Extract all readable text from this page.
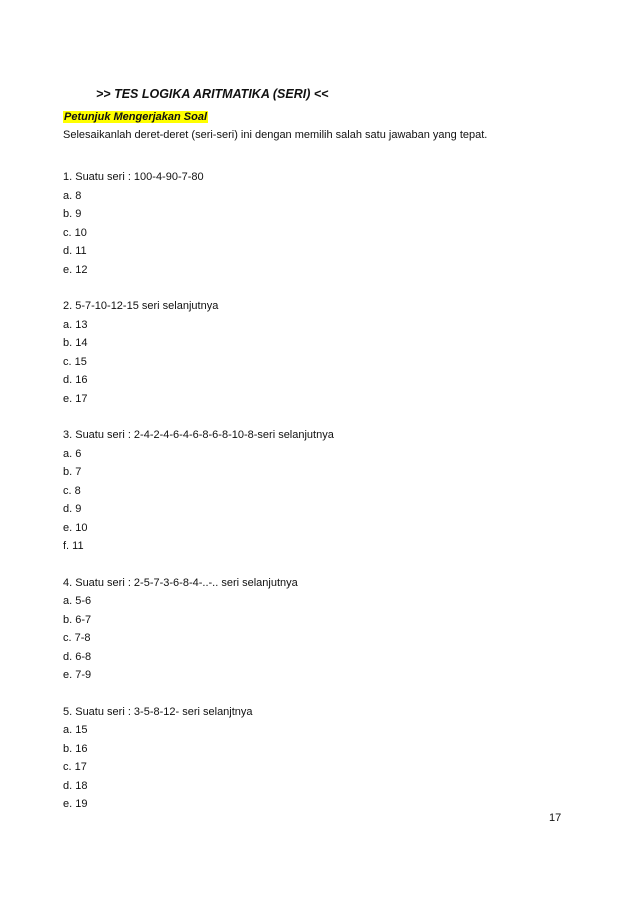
>> TES LOGIKA ARITMATIKA (SERI) <<
Petunjuk Mengerjakan Soal
Selesaikanlah deret-deret (seri-seri) ini dengan memilih salah satu jawaban yang tepat.
1. Suatu seri : 100-4-90-7-80
a. 8
b. 9
c. 10
d. 11
e. 12
2. 5-7-10-12-15 seri selanjutnya
a. 13
b. 14
c. 15
d. 16
e. 17
3. Suatu seri : 2-4-2-4-6-4-6-8-6-8-10-8-seri selanjutnya
a. 6
b. 7
c. 8
d. 9
e. 10
f. 11
4. Suatu seri : 2-5-7-3-6-8-4-..-.. seri selanjutnya
a. 5-6
b. 6-7
c. 7-8
d. 6-8
e. 7-9
5. Suatu seri : 3-5-8-12- seri selanjtnya
a. 15
b. 16
c. 17
d. 18
e. 19
17
